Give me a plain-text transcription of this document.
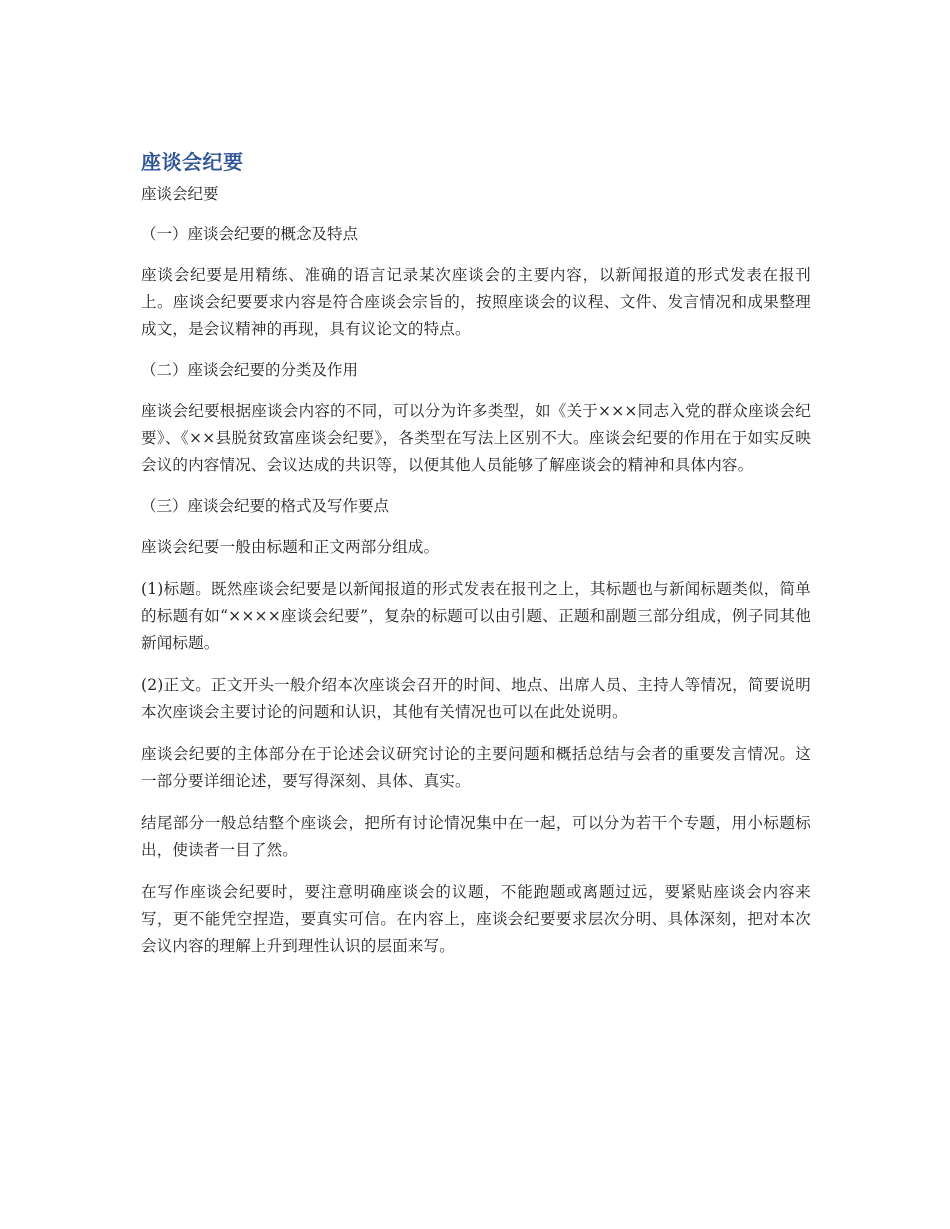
座谈会纪要

座谈会纪要

（一）座谈会纪要的概念及特点

座谈会纪要是用精练、准确的语言记录某次座谈会的主要内容，以新闻报道的形式发表在报刊上。座谈会纪要要求内容是符合座谈会宗旨的，按照座谈会的议程、文件、发言情况和成果整理成文，是会议精神的再现，具有议论文的特点。

（二）座谈会纪要的分类及作用

座谈会纪要根据座谈会内容的不同，可以分为许多类型，如《关于×××同志入党的群众座谈会纪要》、《××县脱贫致富座谈会纪要》，各类型在写法上区别不大。座谈会纪要的作用在于如实反映会议的内容情况、会议达成的共识等，以便其他人员能够了解座谈会的精神和具体内容。

（三）座谈会纪要的格式及写作要点

座谈会纪要一般由标题和正文两部分组成。

(1)标题。既然座谈会纪要是以新闻报道的形式发表在报刊之上，其标题也与新闻标题类似，简单的标题有如“××××座谈会纪要”，复杂的标题可以由引题、正题和副题三部分组成，例子同其他新闻标题。

(2)正文。正文开头一般介绍本次座谈会召开的时间、地点、出席人员、主持人等情况，简要说明本次座谈会主要讨论的问题和认识，其他有关情况也可以在此处说明。

座谈会纪要的主体部分在于论述会议研究讨论的主要问题和概括总结与会者的重要发言情况。这一部分要详细论述，要写得深刻、具体、真实。

结尾部分一般总结整个座谈会，把所有讨论情况集中在一起，可以分为若干个专题，用小标题标出，使读者一目了然。

在写作座谈会纪要时，要注意明确座谈会的议题，不能跑题或离题过远，要紧贴座谈会内容来写，更不能凭空捏造，要真实可信。在内容上，座谈会纪要要求层次分明、具体深刻，把对本次会议内容的理解上升到理性认识的层面来写。
